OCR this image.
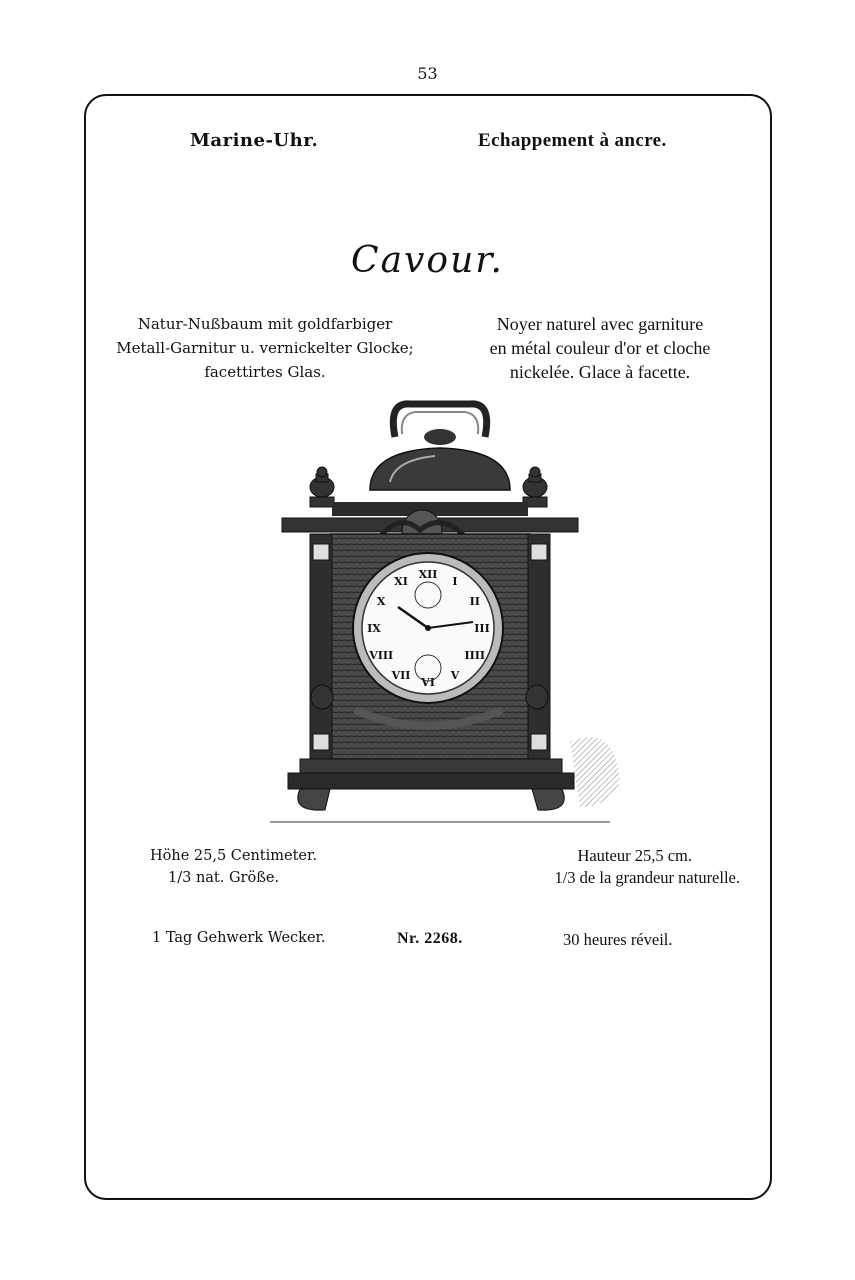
53
Marine-Uhr.	Echappement à ancre.
Cavour.
Natur-Nußbaum mit goldfarbiger
Metall-Garnitur u. vernickelter Glocke;
facettirtes Glas.
Noyer naturel avec garniture
en métal couleur d'or et cloche
nickelée. Glace à facette.
XII
I
II
III
IIII
V
VI
VII
VIII
IX
X
XI
Höhe 25,5 Centimeter.
1/3 nat. Größe.
Hauteur 25,5 cm.
1/3 de la grandeur naturelle.
1 Tag Gehwerk Wecker.	Nr. 2268.	30 heures réveil.
